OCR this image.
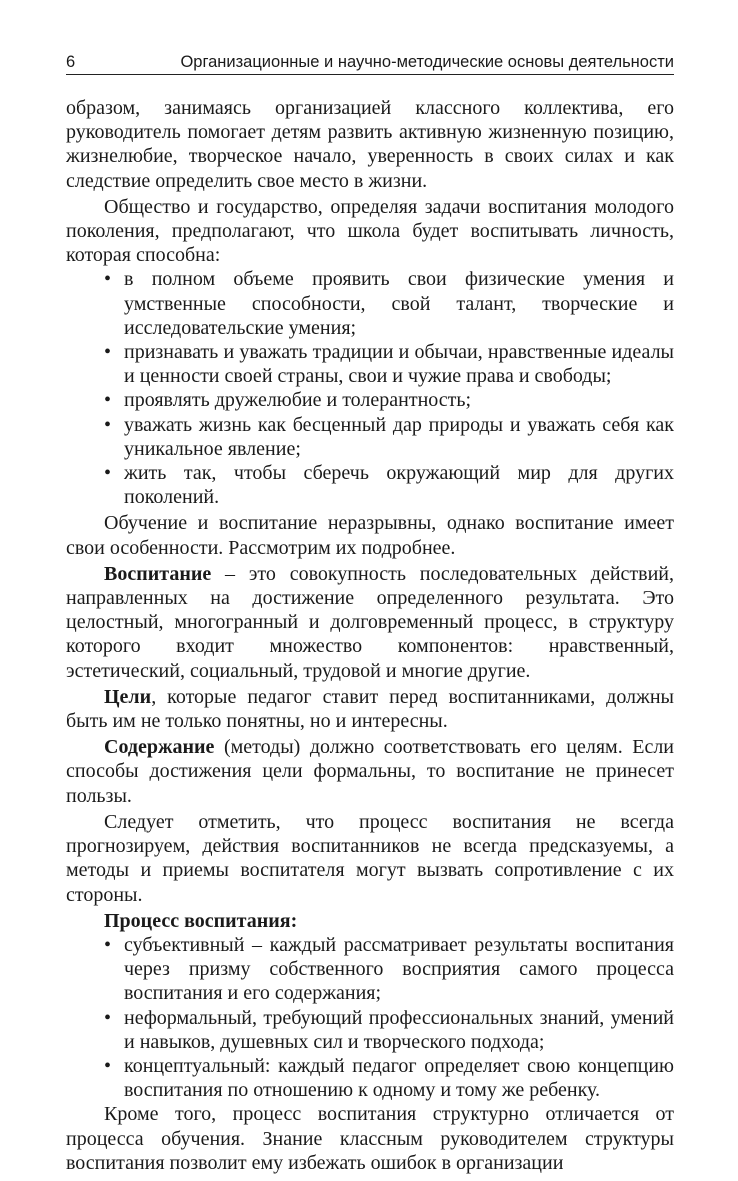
6	Организационные и научно-методические основы деятельности

образом, занимаясь организацией классного коллектива, его руководитель помогает детям развить активную жизненную позицию, жизнелюбие, творческое начало, уверенность в своих силах и как следствие определить свое место в жизни.

Общество и государство, определяя задачи воспитания молодого поколения, предполагают, что школа будет воспитывать личность, которая способна:

• в полном объеме проявить свои физические умения и умственные способности, свой талант, творческие и исследовательские умения;
• признавать и уважать традиции и обычаи, нравственные идеалы и ценности своей страны, свои и чужие права и свободы;
• проявлять дружелюбие и толерантность;
• уважать жизнь как бесценный дар природы и уважать себя как уникальное явление;
• жить так, чтобы сберечь окружающий мир для других поколений.

Обучение и воспитание неразрывны, однако воспитание имеет свои особенности. Рассмотрим их подробнее.

Воспитание – это совокупность последовательных действий, направленных на достижение определенного результата. Это целостный, многогранный и долговременный процесс, в структуру которого входит множество компонентов: нравственный, эстетический, социальный, трудовой и многие другие.

Цели, которые педагог ставит перед воспитанниками, должны быть им не только понятны, но и интересны.

Содержание (методы) должно соответствовать его целям. Если способы достижения цели формальны, то воспитание не принесет пользы.

Следует отметить, что процесс воспитания не всегда прогнозируем, действия воспитанников не всегда предсказуемы, а методы и приемы воспитателя могут вызвать сопротивление с их стороны.

Процесс воспитания:

• субъективный – каждый рассматривает результаты воспитания через призму собственного восприятия самого процесса воспитания и его содержания;
• неформальный, требующий профессиональных знаний, умений и навыков, душевных сил и творческого подхода;
• концептуальный: каждый педагог определяет свою концепцию воспитания по отношению к одному и тому же ребенку.

Кроме того, процесс воспитания структурно отличается от процесса обучения. Знание классным руководителем структуры воспитания позволит ему избежать ошибок в организации
